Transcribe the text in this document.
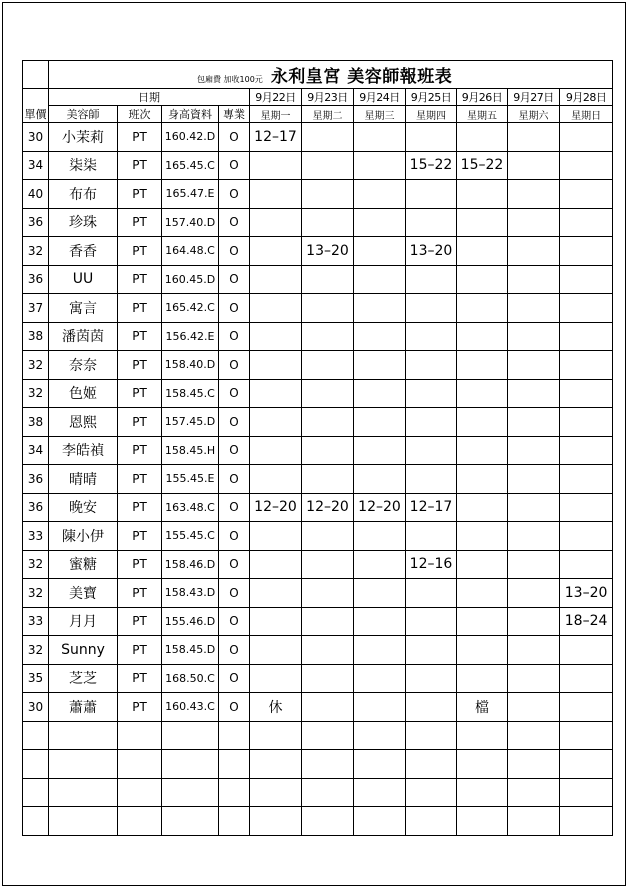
	包廂費 加收100元 永利皇宮 美容師報班表										

單價	日期				9月22日	9月23日	9月24日	9月25日	9月26日	9月27日	9月28日
	美容師	班次	身高資料	專業	星期一	星期二	星期三	星期四	星期五	星期六	星期日
30	小茉莉	PT	160.42.D	O	12–17						
34	柒柒	PT	165.45.C	O				15–22	15–22		
40	布布	PT	165.47.E	O							
36	珍珠	PT	157.40.D	O							
32	香香	PT	164.48.C	O		13–20		13–20			
36	UU	PT	160.45.D	O							
37	寓言	PT	165.42.C	O							
38	潘茵茵	PT	156.42.E	O							
32	奈奈	PT	158.40.D	O							
32	色姬	PT	158.45.C	O							
38	恩熙	PT	157.45.D	O							
34	李皓禎	PT	158.45.H	O							
36	晴晴	PT	155.45.E	O							
36	晚安	PT	163.48.C	O	12–20	12–20	12–20	12–17			
33	陳小伊	PT	155.45.C	O							
32	蜜糖	PT	158.46.D	O				12–16			
32	美寶	PT	158.43.D	O							13–20
33	月月	PT	155.46.D	O							18–24
32	Sunny	PT	158.45.D	O							
35	芝芝	PT	168.50.C	O							
30	蕭蕭	PT	160.43.C	O	休				檔		
